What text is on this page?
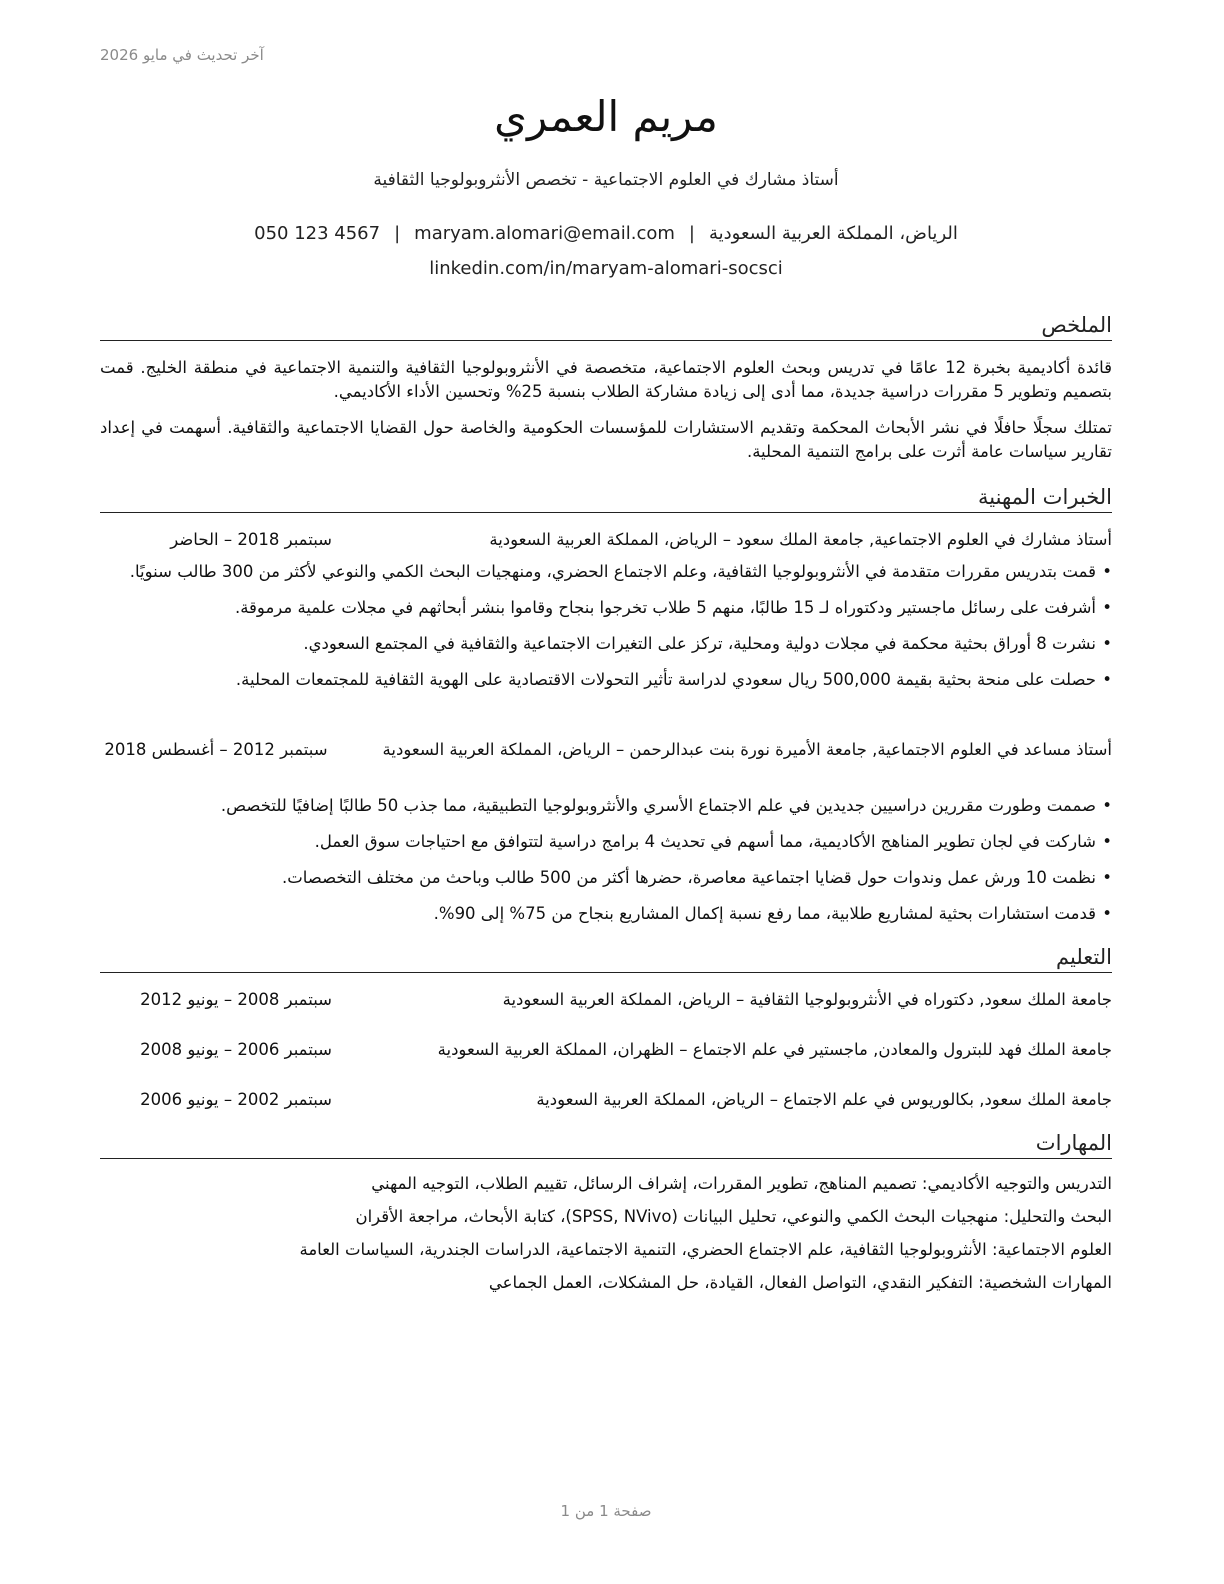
آخر تحديث في مايو 2026
مريم العمري
أستاذ مشارك في العلوم الاجتماعية - تخصص الأنثروبولوجيا الثقافية
الرياض، المملكة العربية السعودية|maryam.alomari@email.com|050 123 4567
linkedin.com/in/maryam-alomari-socsci
الملخص
قائدة أكاديمية بخبرة 12 عامًا في تدريس وبحث العلوم الاجتماعية، متخصصة في الأنثروبولوجيا الثقافية والتنمية الاجتماعية في منطقة الخليج. قمت بتصميم وتطوير 5 مقررات دراسية جديدة، مما أدى إلى زيادة مشاركة الطلاب بنسبة 25% وتحسين الأداء الأكاديمي.
تمتلك سجلًا حافلًا في نشر الأبحاث المحكمة وتقديم الاستشارات للمؤسسات الحكومية والخاصة حول القضايا الاجتماعية والثقافية. أسهمت في إعداد تقارير سياسات عامة أثرت على برامج التنمية المحلية.
الخبرات المهنية
أستاذ مشارك في العلوم الاجتماعية, جامعة الملك سعود – الرياض، المملكة العربية السعودية
سبتمبر 2018 – الحاضر
• قمت بتدريس مقررات متقدمة في الأنثروبولوجيا الثقافية، وعلم الاجتماع الحضري، ومنهجيات البحث الكمي والنوعي لأكثر من 300 طالب سنويًا.
• أشرفت على رسائل ماجستير ودكتوراه لـ 15 طالبًا، منهم 5 طلاب تخرجوا بنجاح وقاموا بنشر أبحاثهم في مجلات علمية مرموقة.
• نشرت 8 أوراق بحثية محكمة في مجلات دولية ومحلية، تركز على التغيرات الاجتماعية والثقافية في المجتمع السعودي.
• حصلت على منحة بحثية بقيمة 500,000 ريال سعودي لدراسة تأثير التحولات الاقتصادية على الهوية الثقافية للمجتمعات المحلية.
أستاذ مساعد في العلوم الاجتماعية, جامعة الأميرة نورة بنت عبدالرحمن – الرياض، المملكة العربية السعودية
سبتمبر 2012 – أغسطس 2018
• صممت وطورت مقررين دراسيين جديدين في علم الاجتماع الأسري والأنثروبولوجيا التطبيقية، مما جذب 50 طالبًا إضافيًا للتخصص.
• شاركت في لجان تطوير المناهج الأكاديمية، مما أسهم في تحديث 4 برامج دراسية لتتوافق مع احتياجات سوق العمل.
• نظمت 10 ورش عمل وندوات حول قضايا اجتماعية معاصرة، حضرها أكثر من 500 طالب وباحث من مختلف التخصصات.
• قدمت استشارات بحثية لمشاريع طلابية، مما رفع نسبة إكمال المشاريع بنجاح من 75% إلى 90%.
التعليم
جامعة الملك سعود, دكتوراه في الأنثروبولوجيا الثقافية – الرياض، المملكة العربية السعودية
سبتمبر 2008 – يونيو 2012
جامعة الملك فهد للبترول والمعادن, ماجستير في علم الاجتماع – الظهران، المملكة العربية السعودية
سبتمبر 2006 – يونيو 2008
جامعة الملك سعود, بكالوريوس في علم الاجتماع – الرياض، المملكة العربية السعودية
سبتمبر 2002 – يونيو 2006
المهارات
التدريس والتوجيه الأكاديمي: تصميم المناهج، تطوير المقررات، إشراف الرسائل، تقييم الطلاب، التوجيه المهني
البحث والتحليل: منهجيات البحث الكمي والنوعي، تحليل البيانات (SPSS, NVivo)، كتابة الأبحاث، مراجعة الأقران
العلوم الاجتماعية: الأنثروبولوجيا الثقافية، علم الاجتماع الحضري، التنمية الاجتماعية، الدراسات الجندرية، السياسات العامة
المهارات الشخصية: التفكير النقدي، التواصل الفعال، القيادة، حل المشكلات، العمل الجماعي
صفحة 1 من 1
